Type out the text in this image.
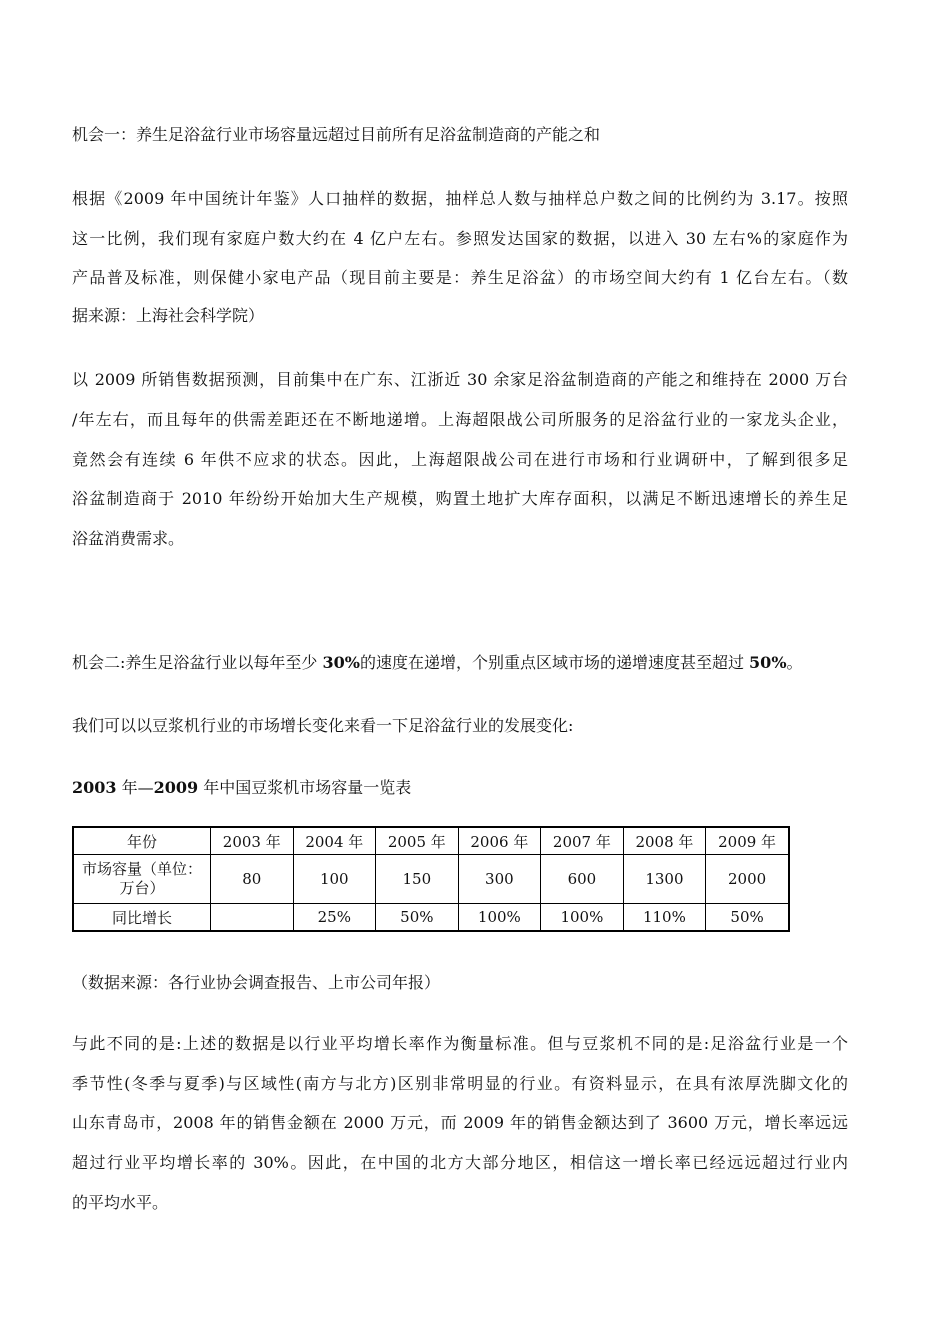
机会一：养生足浴盆行业市场容量远超过目前所有足浴盆制造商的产能之和
根据《2009 年中国统计年鉴》人口抽样的数据，抽样总人数与抽样总户数之间的比例约为 3.17。按照
这一比例，我们现有家庭户数大约在 4 亿户左右。参照发达国家的数据，以进入 30 左右%的家庭作为
产品普及标准，则保健小家电产品（现目前主要是：养生足浴盆）的市场空间大约有 1 亿台左右。（数
据来源：上海社会科学院）
以 2009 所销售数据预测，目前集中在广东、江浙近 30 余家足浴盆制造商的产能之和维持在 2000 万台
/年左右，而且每年的供需差距还在不断地递增。上海超限战公司所服务的足浴盆行业的一家龙头企业，
竟然会有连续 6 年供不应求的状态。因此，上海超限战公司在进行市场和行业调研中，了解到很多足
浴盆制造商于 2010 年纷纷开始加大生产规模，购置土地扩大库存面积，以满足不断迅速增长的养生足
浴盆消费需求。
机会二:养生足浴盆行业以每年至少 30%的速度在递增，个别重点区域市场的递增速度甚至超过 50%。
我们可以以豆浆机行业的市场增长变化来看一下足浴盆行业的发展变化:
2003 年—2009 年中国豆浆机市场容量一览表
年份	2003 年	2004 年	2005 年	2006 年	2007 年	2008 年	2009 年

市场容量（单位：
万台）	80	100	150	300	600	1300	2000
同比增长		25%	50%	100%	100%	110%	50%
（数据来源：各行业协会调查报告、上市公司年报）
与此不同的是:上述的数据是以行业平均增长率作为衡量标准。但与豆浆机不同的是:足浴盆行业是一个
季节性(冬季与夏季)与区域性(南方与北方)区别非常明显的行业。有资料显示，在具有浓厚洗脚文化的
山东青岛市，2008 年的销售金额在 2000 万元，而 2009 年的销售金额达到了 3600 万元，增长率远远
超过行业平均增长率的 30%。因此，在中国的北方大部分地区，相信这一增长率已经远远超过行业内
的平均水平。
